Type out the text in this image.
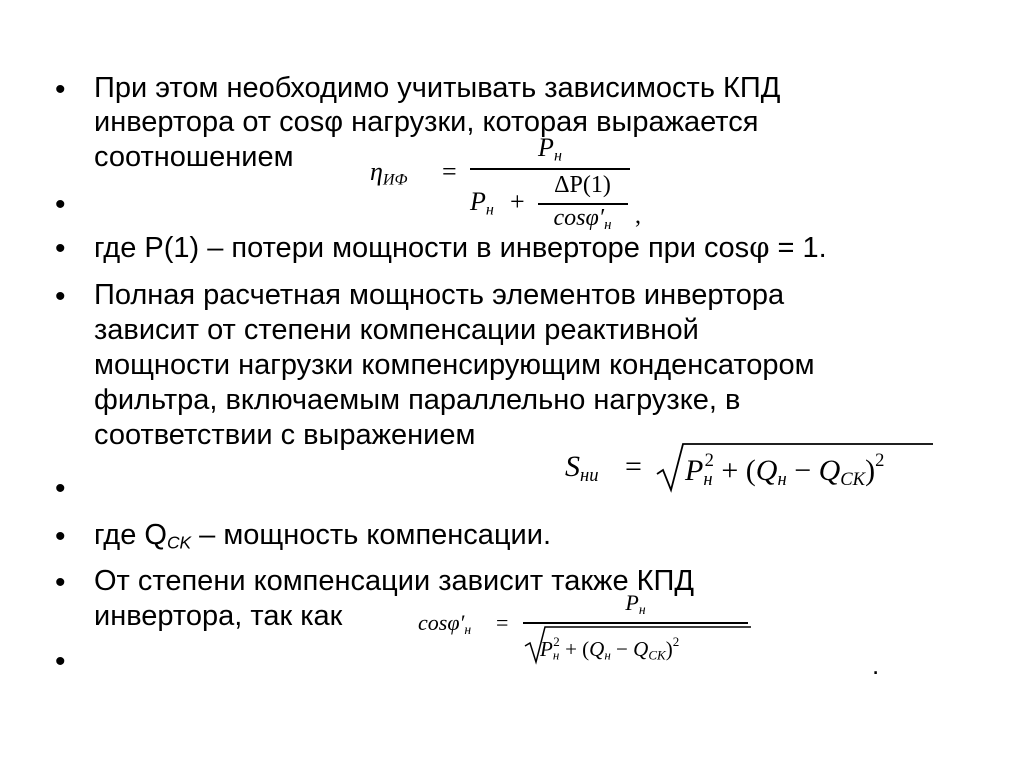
• При этом необходимо учитывать зависимость КПД
инвертора от cosφ нагрузки, которая выражается
соотношением	$\eta_{ИФ}$ =
$P_н$
$P_н$ +
ΔP(1)
$\cos\varphi'_н$ ,
•
• где P(1) – потери мощности в инверторе при cosφ = 1.
• Полная расчетная мощность элементов инвертора
зависит от степени компенсации реактивной
мощности нагрузки компенсирующим конденсатором
фильтра, включаемым параллельно нагрузке, в
соответствии с выражением
$S_{ни} = P_н^2 + (Q_н - Q_{CK})^2$
•
• где QCK – мощность компенсации.
• От степени компенсации зависит также КПД
инвертора, так как	$\cos\varphi'_н$ =
$P_н$
$P_н^2 + (Q_н - Q_{CK})^2$
•	.
